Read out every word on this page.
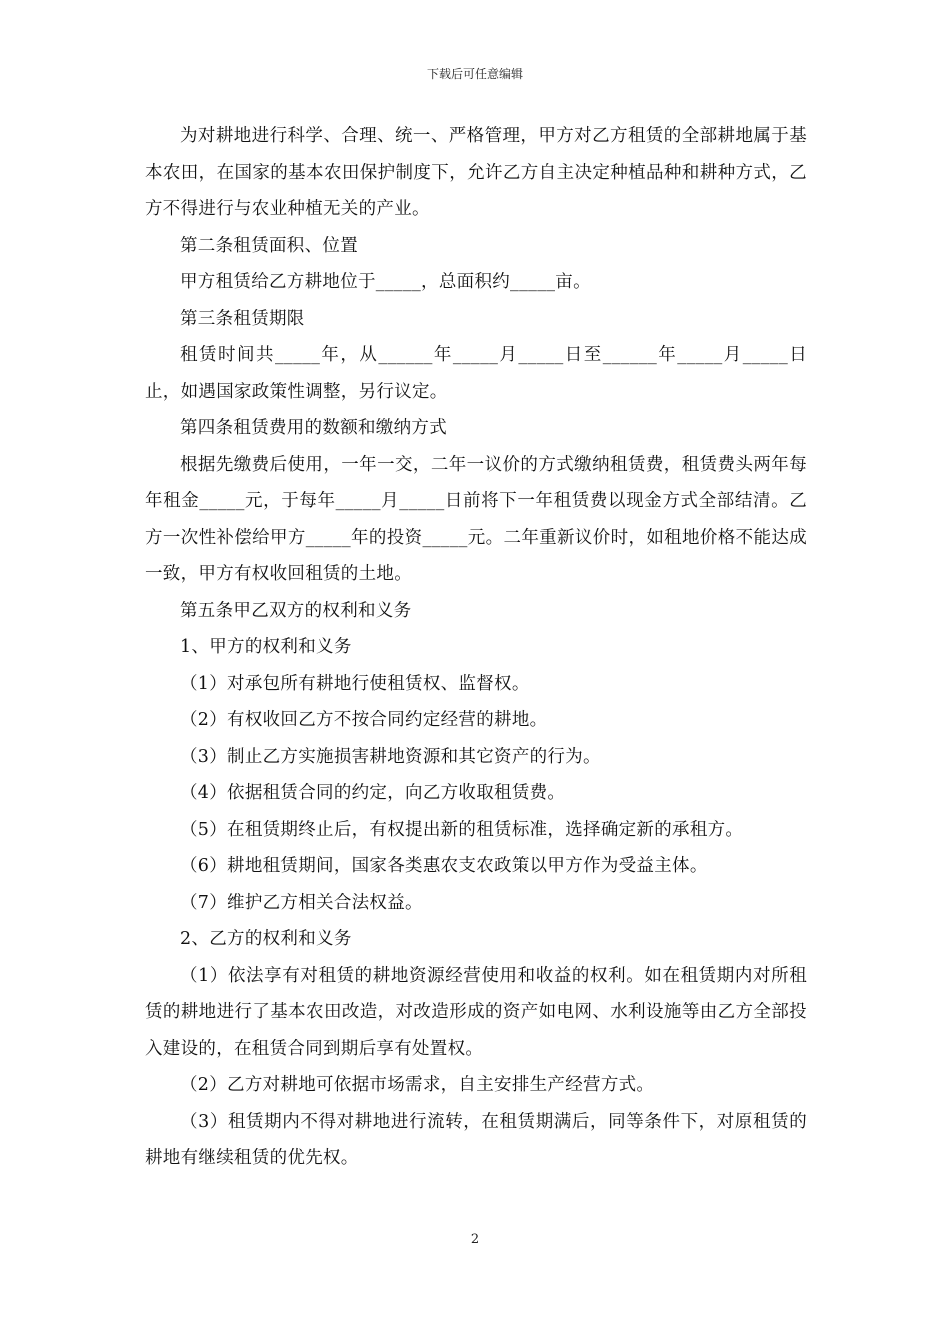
下载后可任意编辑

为对耕地进行科学、合理、统一、严格管理，甲方对乙方租赁的全部耕地属于基本农田，在国家的基本农田保护制度下，允许乙方自主决定种植品种和耕种方式，乙方不得进行与农业种植无关的产业。

第二条租赁面积、位置

甲方租赁给乙方耕地位于_____，总面积约_____亩。

第三条租赁期限

租赁时间共_____年，从______年_____月_____日至______年_____月_____日止，如遇国家政策性调整，另行议定。

第四条租赁费用的数额和缴纳方式

根据先缴费后使用，一年一交，二年一议价的方式缴纳租赁费，租赁费头两年每年租金_____元，于每年_____月_____日前将下一年租赁费以现金方式全部结清。乙方一次性补偿给甲方_____年的投资_____元。二年重新议价时，如租地价格不能达成一致，甲方有权收回租赁的土地。

第五条甲乙双方的权利和义务

1、甲方的权利和义务

（1）对承包所有耕地行使租赁权、监督权。

（2）有权收回乙方不按合同约定经营的耕地。

（3）制止乙方实施损害耕地资源和其它资产的行为。

（4）依据租赁合同的约定，向乙方收取租赁费。

（5）在租赁期终止后，有权提出新的租赁标准，选择确定新的承租方。

（6）耕地租赁期间，国家各类惠农支农政策以甲方作为受益主体。

（7）维护乙方相关合法权益。

2、乙方的权利和义务

（1）依法享有对租赁的耕地资源经营使用和收益的权利。如在租赁期内对所租赁的耕地进行了基本农田改造，对改造形成的资产如电网、水利设施等由乙方全部投入建设的，在租赁合同到期后享有处置权。

（2）乙方对耕地可依据市场需求，自主安排生产经营方式。

（3）租赁期内不得对耕地进行流转，在租赁期满后，同等条件下，对原租赁的耕地有继续租赁的优先权。

2
